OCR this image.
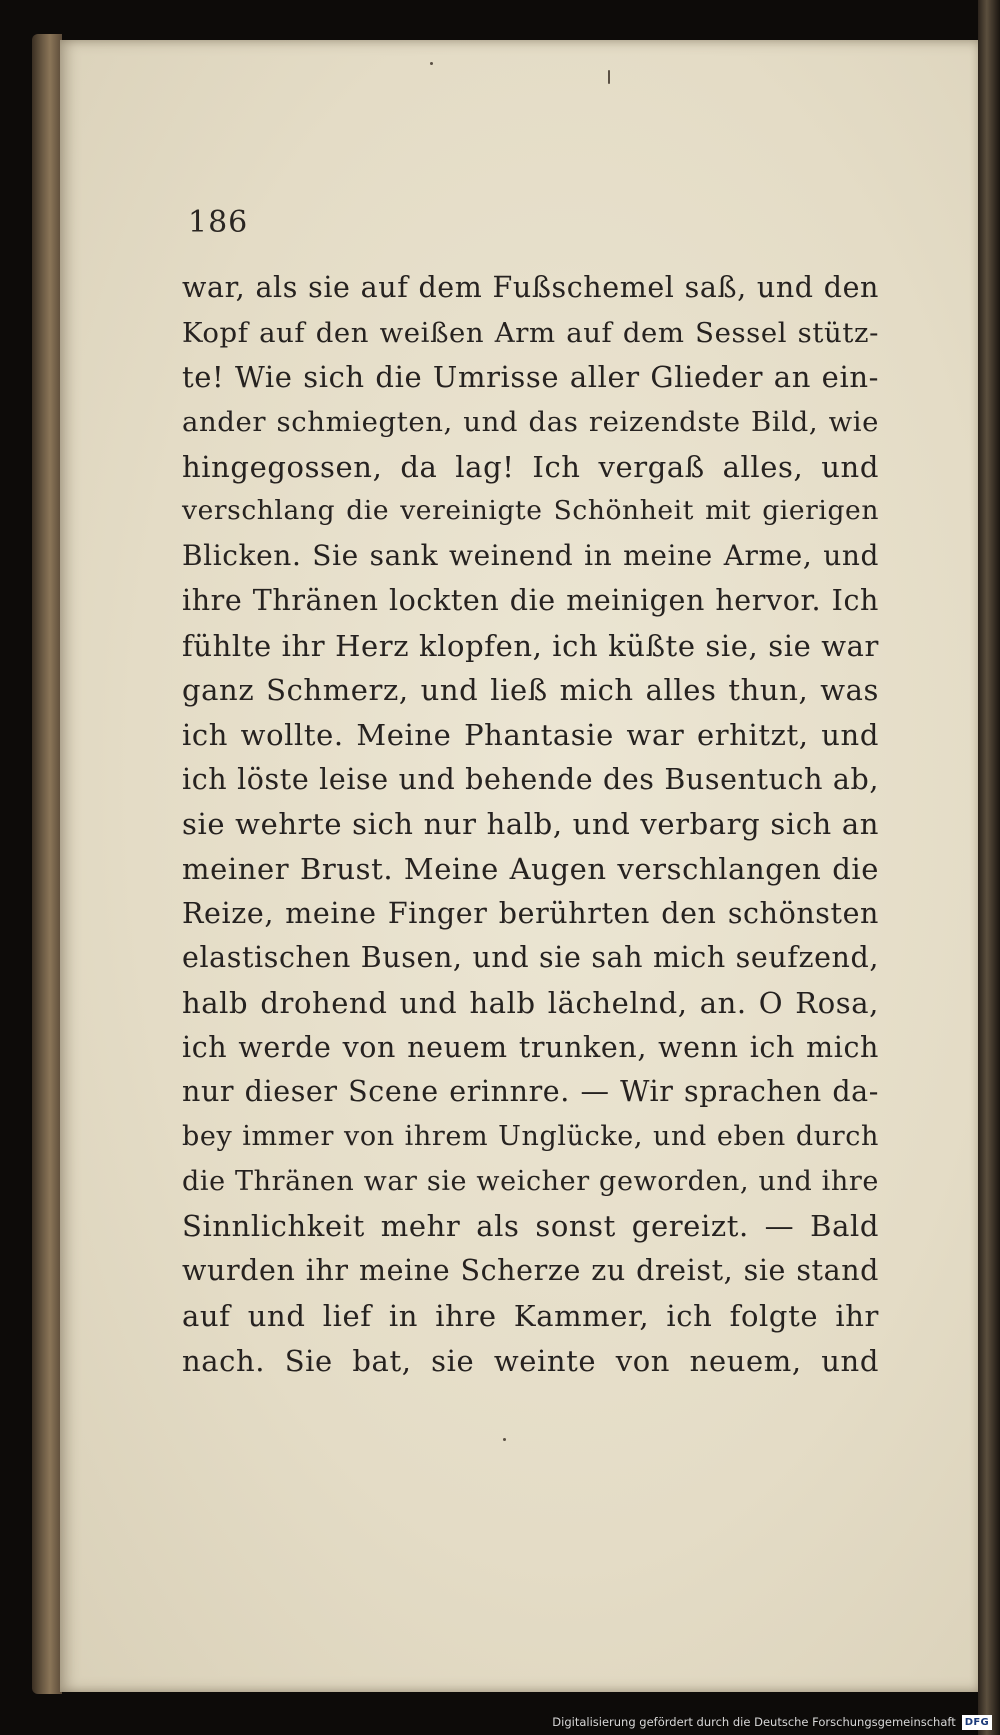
186
war, als sie auf dem Fußschemel saß, und den
Kopf auf den weißen Arm auf dem Sessel stütz-
te! Wie sich die Umrisse aller Glieder an ein-
ander schmiegten, und das reizendste Bild, wie
hingegossen, da lag! Ich vergaß alles, und
verschlang die vereinigte Schönheit mit gierigen
Blicken. Sie sank weinend in meine Arme, und
ihre Thränen lockten die meinigen hervor. Ich
fühlte ihr Herz klopfen, ich küßte sie, sie war
ganz Schmerz, und ließ mich alles thun, was
ich wollte. Meine Phantasie war erhitzt, und
ich löste leise und behende des Busentuch ab,
sie wehrte sich nur halb, und verbarg sich an
meiner Brust. Meine Augen verschlangen die
Reize, meine Finger berührten den schönsten
elastischen Busen, und sie sah mich seufzend,
halb drohend und halb lächelnd, an. O Rosa,
ich werde von neuem trunken, wenn ich mich
nur dieser Scene erinnre. — Wir sprachen da-
bey immer von ihrem Unglücke, und eben durch
die Thränen war sie weicher geworden, und ihre
Sinnlichkeit mehr als sonst gereizt. — Bald
wurden ihr meine Scherze zu dreist, sie stand
auf und lief in ihre Kammer, ich folgte ihr
nach. Sie bat, sie weinte von neuem, und
Digitalisierung gefördert durch die Deutsche Forschungsgemeinschaft DFG
